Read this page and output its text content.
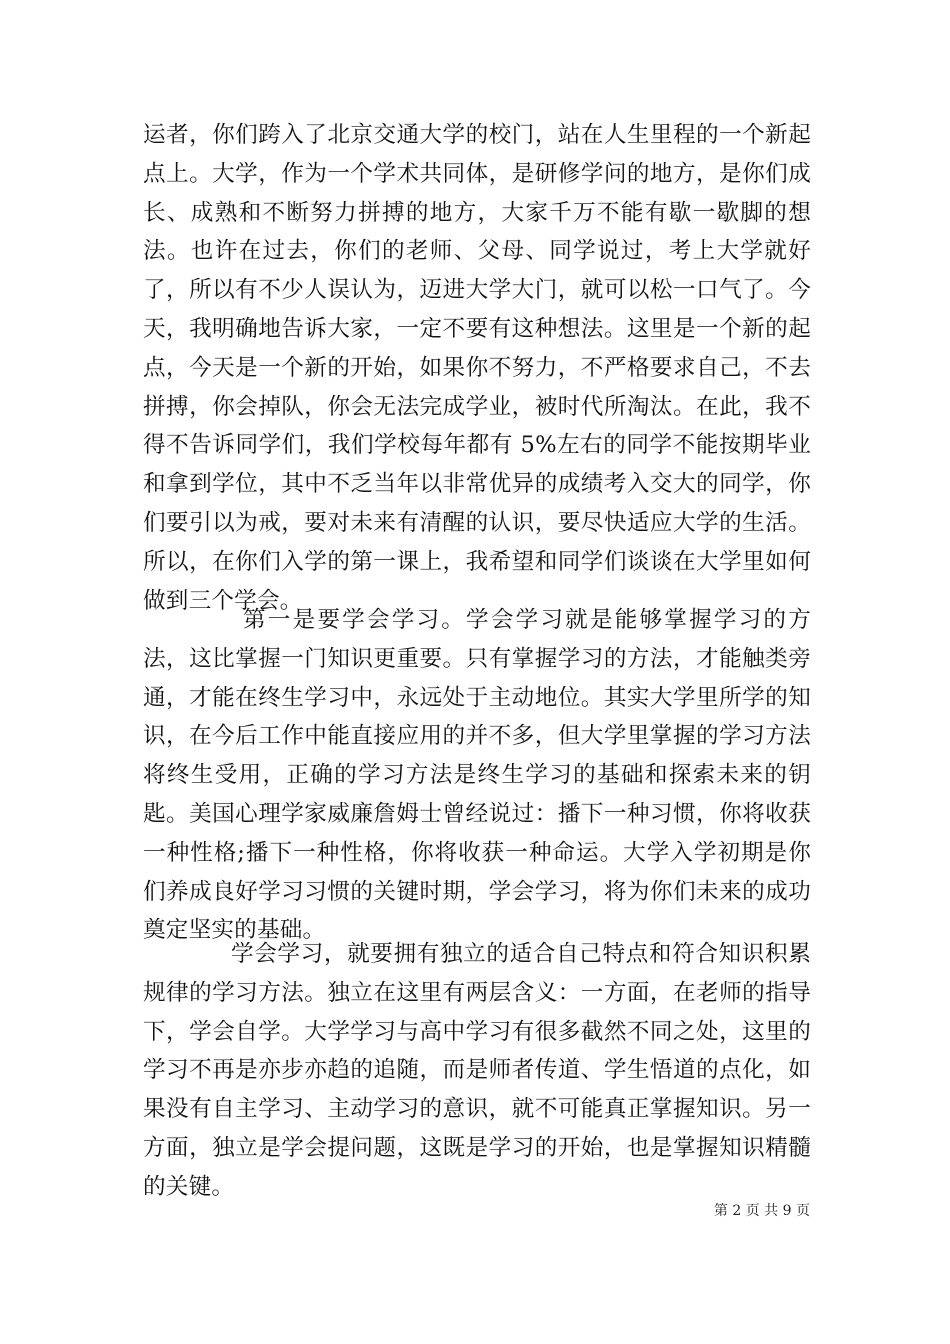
运者，你们跨入了北京交通大学的校门，站在人生里程的一个新起点上。大学，作为一个学术共同体，是研修学问的地方，是你们成长、成熟和不断努力拼搏的地方，大家千万不能有歇一歇脚的想法。也许在过去，你们的老师、父母、同学说过，考上大学就好了，所以有不少人误认为，迈进大学大门，就可以松一口气了。今天，我明确地告诉大家，一定不要有这种想法。这里是一个新的起点，今天是一个新的开始，如果你不努力，不严格要求自己，不去拼搏，你会掉队，你会无法完成学业，被时代所淘汰。在此，我不得不告诉同学们，我们学校每年都有 5%左右的同学不能按期毕业和拿到学位，其中不乏当年以非常优异的成绩考入交大的同学，你们要引以为戒，要对未来有清醒的认识，要尽快适应大学的生活。所以，在你们入学的第一课上，我希望和同学们谈谈在大学里如何做到三个学会。

第一是要学会学习。学会学习就是能够掌握学习的方法，这比掌握一门知识更重要。只有掌握学习的方法，才能触类旁通，才能在终生学习中，永远处于主动地位。其实大学里所学的知识，在今后工作中能直接应用的并不多，但大学里掌握的学习方法将终生受用，正确的学习方法是终生学习的基础和探索未来的钥匙。美国心理学家威廉詹姆士曾经说过：播下一种习惯，你将收获一种性格;播下一种性格，你将收获一种命运。大学入学初期是你们养成良好学习习惯的关键时期，学会学习，将为你们未来的成功奠定坚实的基础。

学会学习，就要拥有独立的适合自己特点和符合知识积累规律的学习方法。独立在这里有两层含义：一方面，在老师的指导下，学会自学。大学学习与高中学习有很多截然不同之处，这里的学习不再是亦步亦趋的追随，而是师者传道、学生悟道的点化，如果没有自主学习、主动学习的意识，就不可能真正掌握知识。另一方面，独立是学会提问题，这既是学习的开始，也是掌握知识精髓的关键。

第 2 页 共 9 页
